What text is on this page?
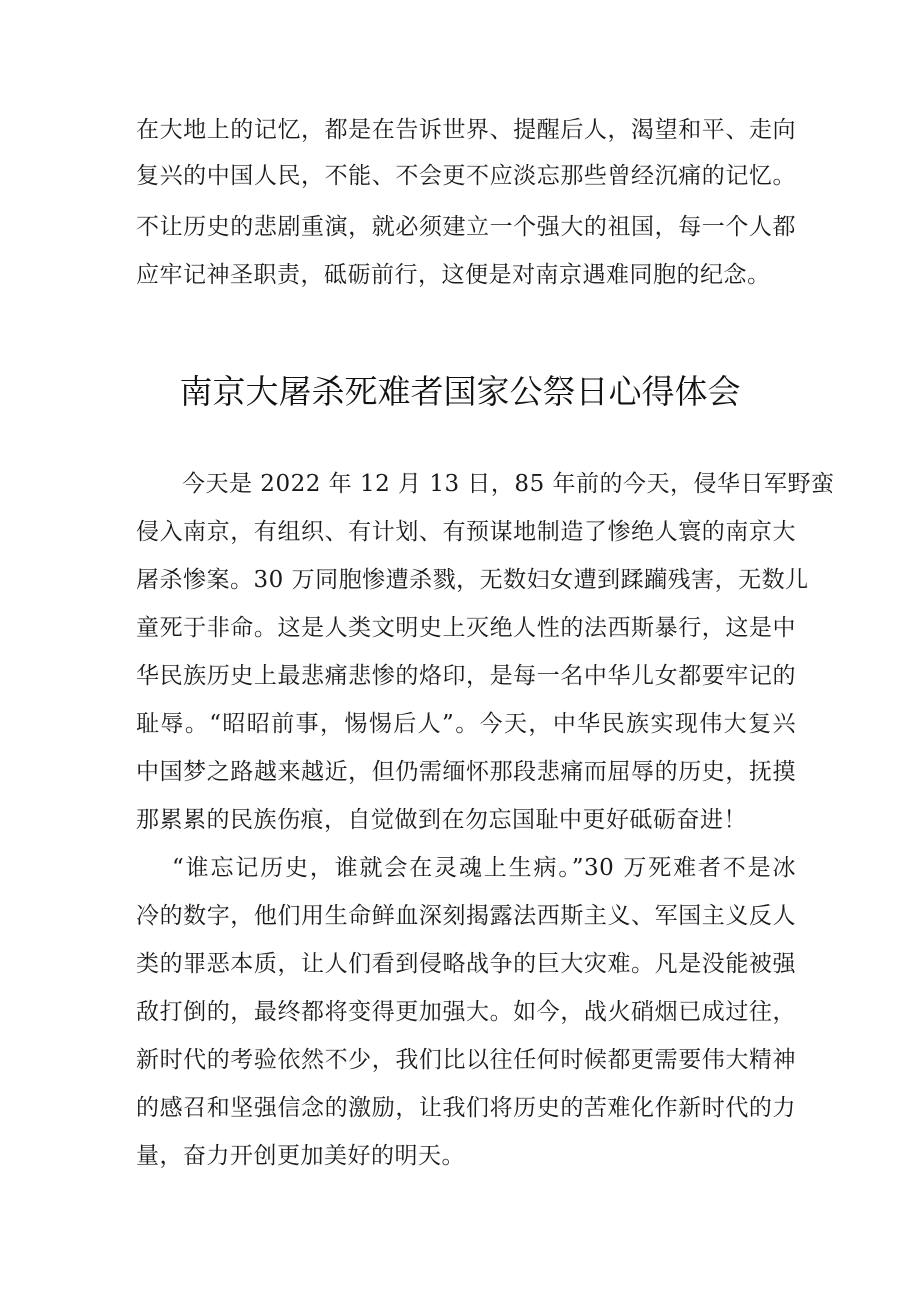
在大地上的记忆，都是在告诉世界、提醒后人，渴望和平、走向
复兴的中国人民，不能、不会更不应淡忘那些曾经沉痛的记忆。
不让历史的悲剧重演，就必须建立一个强大的祖国，每一个人都
应牢记神圣职责，砥砺前行，这便是对南京遇难同胞的纪念。
南京大屠杀死难者国家公祭日心得体会
今天是 2022 年 12 月 13 日，85 年前的今天，侵华日军野蛮
侵入南京，有组织、有计划、有预谋地制造了惨绝人寰的南京大
屠杀惨案。30 万同胞惨遭杀戮，无数妇女遭到蹂躏残害，无数儿
童死于非命。这是人类文明史上灭绝人性的法西斯暴行，这是中
华民族历史上最悲痛悲惨的烙印，是每一名中华儿女都要牢记的
耻辱。“昭昭前事，惕惕后人”。今天，中华民族实现伟大复兴
中国梦之路越来越近，但仍需缅怀那段悲痛而屈辱的历史，抚摸
那累累的民族伤痕，自觉做到在勿忘国耻中更好砥砺奋进！
“谁忘记历史，谁就会在灵魂上生病。”30 万死难者不是冰
冷的数字，他们用生命鲜血深刻揭露法西斯主义、军国主义反人
类的罪恶本质，让人们看到侵略战争的巨大灾难。凡是没能被强
敌打倒的，最终都将变得更加强大。如今，战火硝烟已成过往，
新时代的考验依然不少，我们比以往任何时候都更需要伟大精神
的感召和坚强信念的激励，让我们将历史的苦难化作新时代的力
量，奋力开创更加美好的明天。
